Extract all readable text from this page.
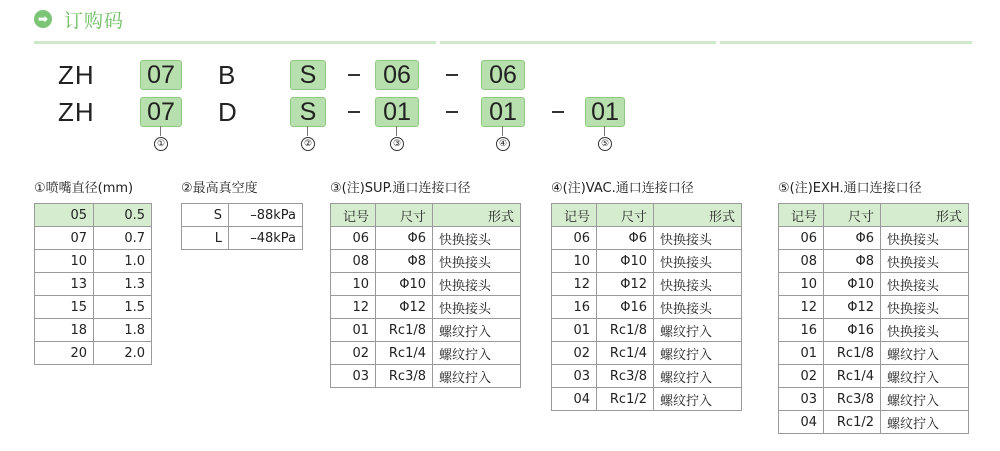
➡ 订购码
ZH 07 B	S	06	06
ZH 07 D	S	01	01	01
①	②	③	④	⑤
①喷嘴直径(mm)
05	0.5
07	0.7
10	1.0
13	1.3
15	1.5
18	1.8
20	2.0
②最高真空度
S	–88kPa
L	–48kPa
③(注)SUP.通口连接口径
记号	尺寸	形式
06	Φ6	快换接头
08	Φ8	快换接头
10	Φ10	快换接头
12	Φ12	快换接头
01	Rc1/8	螺纹拧入
02	Rc1/4	螺纹拧入
03	Rc3/8	螺纹拧入
④(注)VAC.通口连接口径
记号	尺寸	形式
06	Φ6	快换接头
10	Φ10	快换接头
12	Φ12	快换接头
16	Φ16	快换接头
01	Rc1/8	螺纹拧入
02	Rc1/4	螺纹拧入
03	Rc3/8	螺纹拧入
04	Rc1/2	螺纹拧入
⑤(注)EXH.通口连接口径
记号	尺寸	形式
06	Φ6	快换接头
08	Φ8	快换接头
10	Φ10	快换接头
12	Φ12	快换接头
16	Φ16	快换接头
01	Rc1/8	螺纹拧入
02	Rc1/4	螺纹拧入
03	Rc3/8	螺纹拧入
04	Rc1/2	螺纹拧入
